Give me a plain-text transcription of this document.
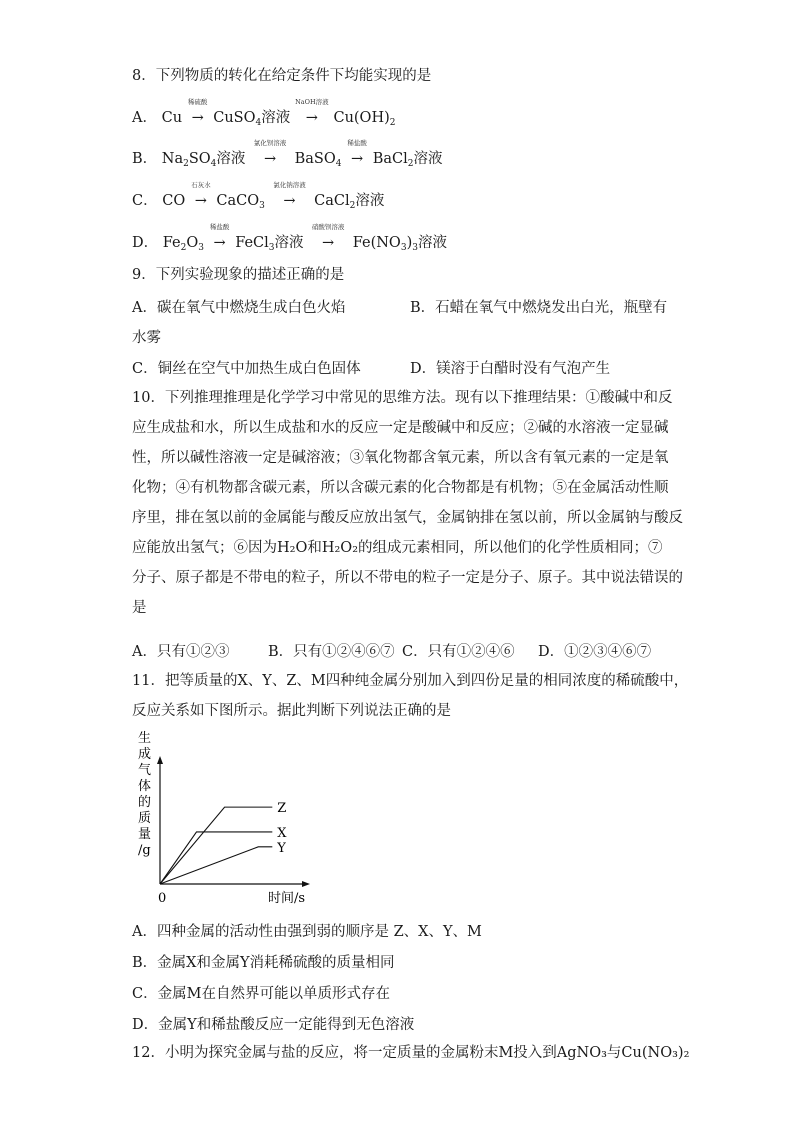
8．下列物质的转化在给定条件下均能实现的是
A． Cu
稀硫酸
→ CuSO$_4$溶液
NaOH溶液
→ $Cu(OH)_2$
B． $Na_2SO_4$溶液
氯化钡溶液
→ BaSO$_4$
稀盐酸
→ BaCl$_2$溶液
C． CO
石灰水
→ CaCO$_3$
氯化钠溶液
→ CaCl$_2$溶液
D． $Fe_2O_3$
稀盐酸
→ FeCl$_3$溶液
硝酸钡溶液
→ $Fe(NO_3)_3$溶液
9．下列实验现象的描述正确的是
A．碳在氧气中燃烧生成白色火焰	B．石蜡在氧气中燃烧发出白光，瓶壁有
水雾
C．铜丝在空气中加热生成白色固体	D．镁溶于白醋时没有气泡产生
10．下列推理推理是化学学习中常见的思维方法。现有以下推理结果：①酸碱中和反
应生成盐和水，所以生成盐和水的反应一定是酸碱中和反应；②碱的水溶液一定显碱
性，所以碱性溶液一定是碱溶液；③氧化物都含氧元素，所以含有氧元素的一定是氧
化物；④有机物都含碳元素，所以含碳元素的化合物都是有机物；⑤在金属活动性顺
序里，排在氢以前的金属能与酸反应放出氢气，金属钠排在氢以前，所以金属钠与酸反
应能放出氢气；⑥因为H₂O和H₂O₂的组成元素相同，所以他们的化学性质相同；⑦
分子、原子都是不带电的粒子，所以不带电的粒子一定是分子、原子。其中说法错误的
是
A．只有①②③	B．只有①②④⑥⑦ C．只有①②④⑥ D．①②③④⑥⑦
11．把等质量的X、Y、Z、M四种纯金属分别加入到四份足量的相同浓度的稀硫酸中，
反应关系如下图所示。据此判断下列说法正确的是
生
成
气
体
的
质
量
/g
0	时间/s
Z
X
Y
A．四种金属的活动性由强到弱的顺序是 Z、X、Y、M
B．金属X和金属Y消耗稀硫酸的质量相同
C．金属M在自然界可能以单质形式存在
D．金属Y和稀盐酸反应一定能得到无色溶液
12．小明为探究金属与盐的反应，将一定质量的金属粉末M投入到AgNO₃与Cu(NO₃)₂
